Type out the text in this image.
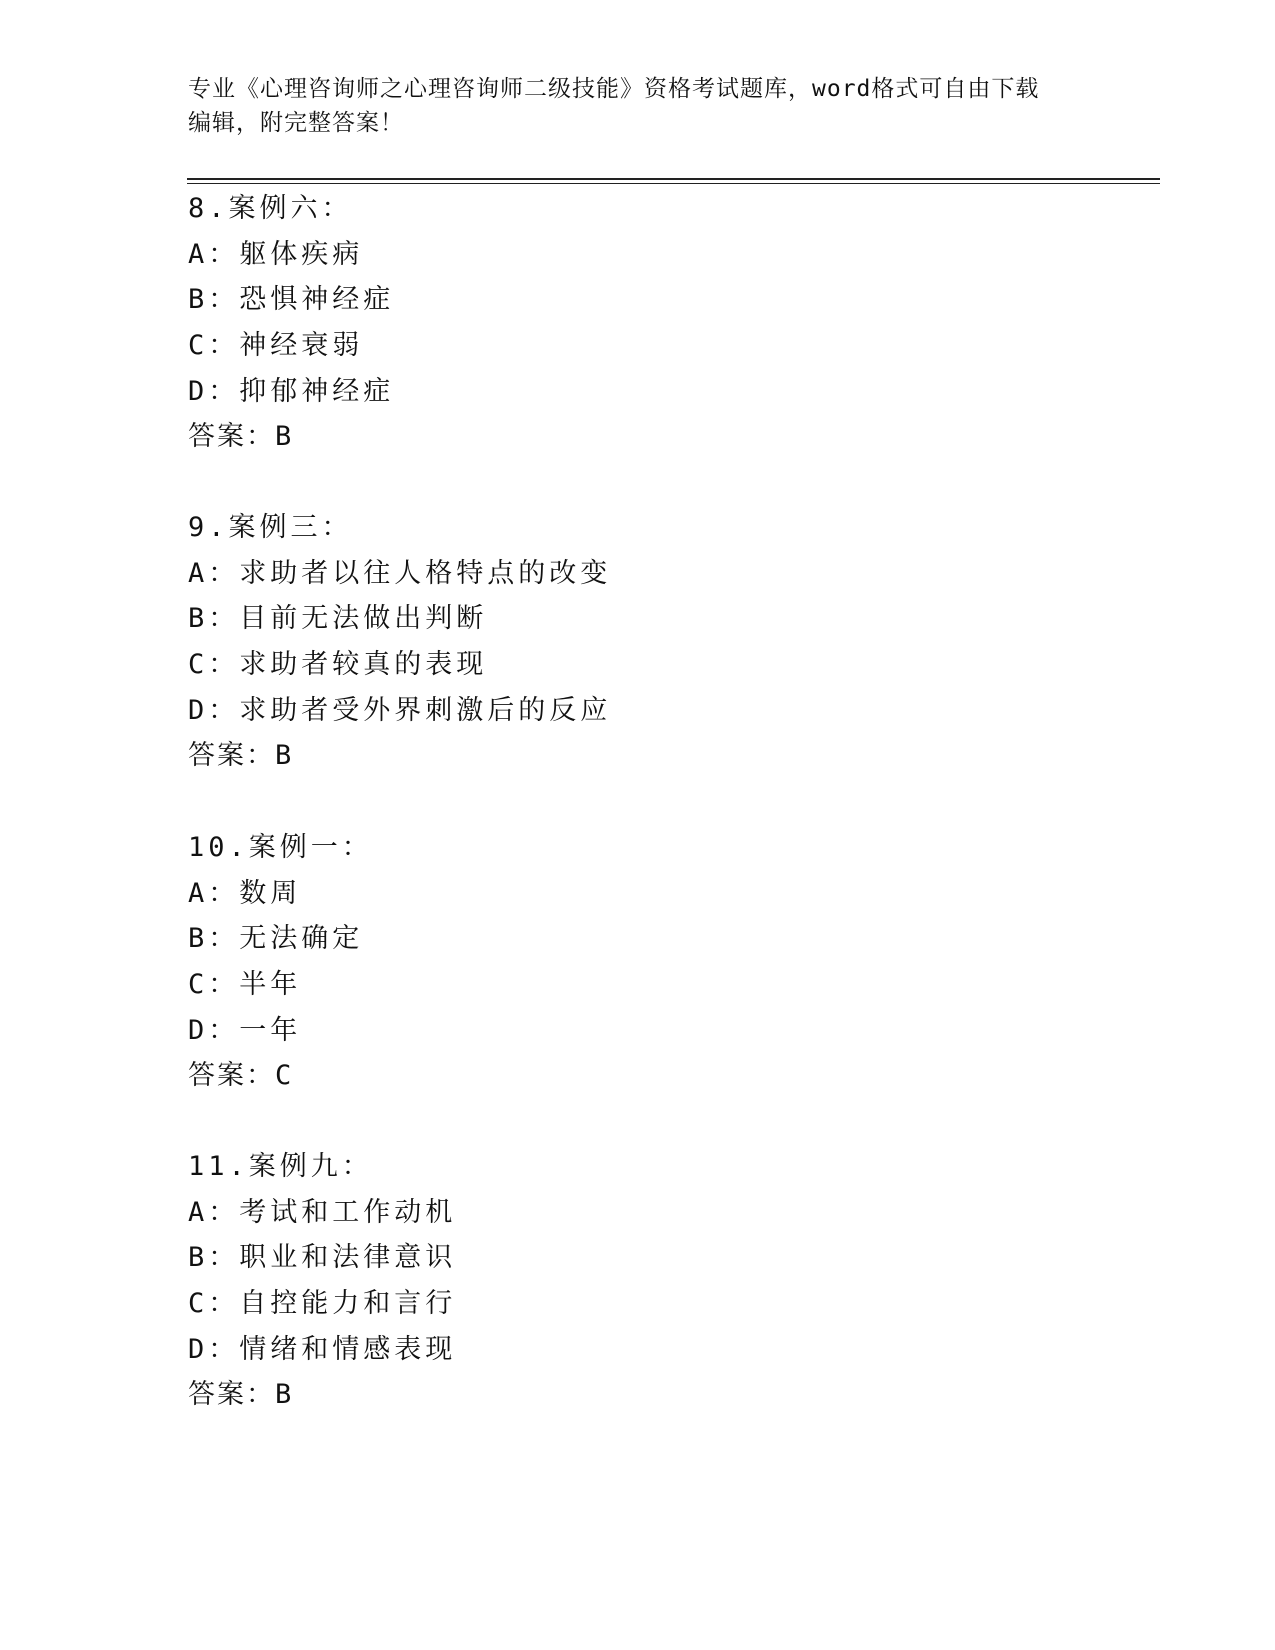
专业《心理咨询师之心理咨询师二级技能》资格考试题库，word格式可自由下载
编辑，附完整答案！
8.案例六：
A：躯体疾病
B：恐惧神经症
C：神经衰弱
D：抑郁神经症
答案：B
9.案例三：
A：求助者以往人格特点的改变
B：目前无法做出判断
C：求助者较真的表现
D：求助者受外界刺激后的反应
答案：B
10.案例一：
A：数周
B：无法确定
C：半年
D：一年
答案：C
11.案例九：
A：考试和工作动机
B：职业和法律意识
C：自控能力和言行
D：情绪和情感表现
答案：B
